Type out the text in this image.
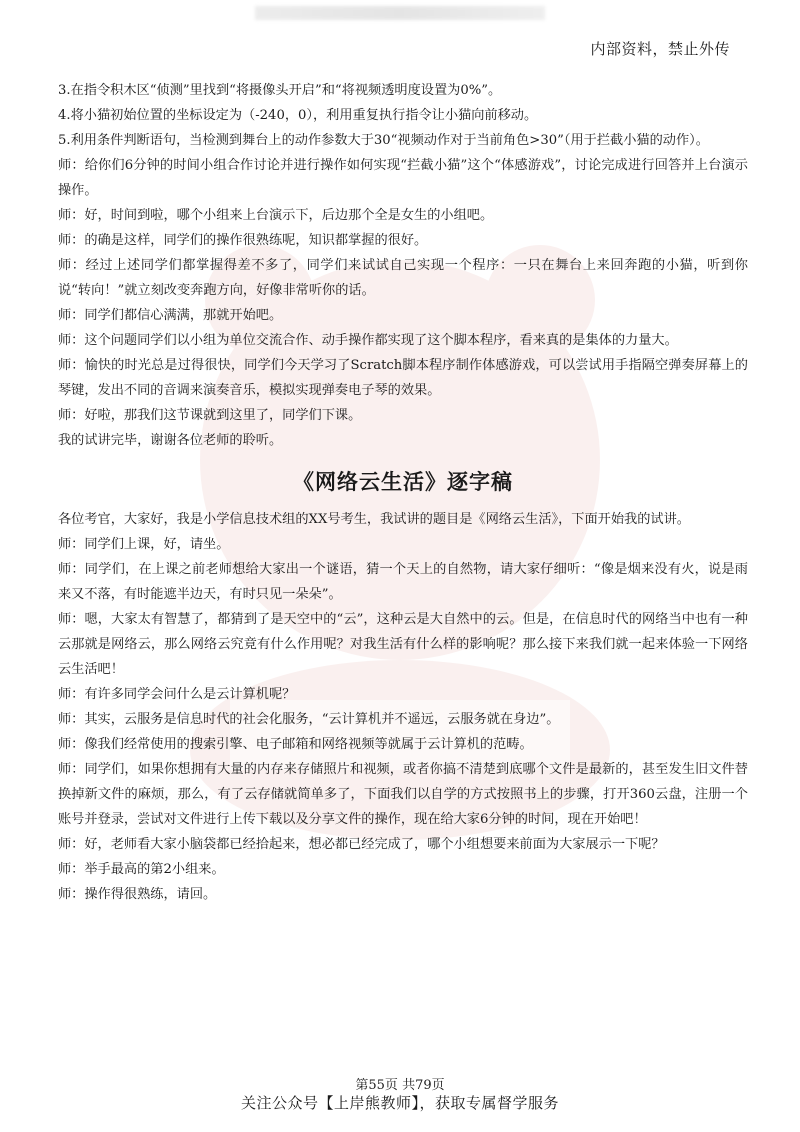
内部资料，禁止外传

3.在指令积木区“侦测”里找到“将摄像头开启”和“将视频透明度设置为0%”。

4.将小猫初始位置的坐标设定为（-240，0），利用重复执行指令让小猫向前移动。

5.利用条件判断语句，当检测到舞台上的动作参数大于30“视频动作对于当前角色>30”（用于拦截小猫的动作）。

师：给你们6分钟的时间小组合作讨论并进行操作如何实现“拦截小猫”这个“体感游戏”，讨论完成进行回答并上台演示操作。

师：好，时间到啦，哪个小组来上台演示下，后边那个全是女生的小组吧。

师：的确是这样，同学们的操作很熟练呢，知识都掌握的很好。

师：经过上述同学们都掌握得差不多了，同学们来试试自己实现一个程序：一只在舞台上来回奔跑的小猫，听到你说“转向！”就立刻改变奔跑方向，好像非常听你的话。

师：同学们都信心满满，那就开始吧。

师：这个问题同学们以小组为单位交流合作、动手操作都实现了这个脚本程序，看来真的是集体的力量大。

师：愉快的时光总是过得很快，同学们今天学习了Scratch脚本程序制作体感游戏，可以尝试用手指隔空弹奏屏幕上的琴键，发出不同的音调来演奏音乐，模拟实现弹奏电子琴的效果。

师：好啦，那我们这节课就到这里了，同学们下课。

我的试讲完毕，谢谢各位老师的聆听。

《网络云生活》逐字稿

各位考官，大家好，我是小学信息技术组的XX号考生，我试讲的题目是《网络云生活》，下面开始我的试讲。

师：同学们上课，好，请坐。

师：同学们，在上课之前老师想给大家出一个谜语，猜一个天上的自然物，请大家仔细听：“像是烟来没有火，说是雨来又不落，有时能遮半边天，有时只见一朵朵”。

师：嗯，大家太有智慧了，都猜到了是天空中的“云”，这种云是大自然中的云。但是，在信息时代的网络当中也有一种云那就是网络云，那么网络云究竟有什么作用呢？对我生活有什么样的影响呢？那么接下来我们就一起来体验一下网络云生活吧！

师：有许多同学会问什么是云计算机呢？

师：其实，云服务是信息时代的社会化服务，“云计算机并不遥远，云服务就在身边”。

师：像我们经常使用的搜索引擎、电子邮箱和网络视频等就属于云计算机的范畴。

师：同学们，如果你想拥有大量的内存来存储照片和视频，或者你搞不清楚到底哪个文件是最新的，甚至发生旧文件替换掉新文件的麻烦，那么，有了云存储就简单多了，下面我们以自学的方式按照书上的步骤，打开360云盘，注册一个账号并登录，尝试对文件进行上传下载以及分享文件的操作，现在给大家6分钟的时间，现在开始吧！

师：好，老师看大家小脑袋都已经拾起来，想必都已经完成了，哪个小组想要来前面为大家展示一下呢？

师：举手最高的第2小组来。

师：操作得很熟练，请回。

第55页 共79页
关注公众号【上岸熊教师】，获取专属督学服务
